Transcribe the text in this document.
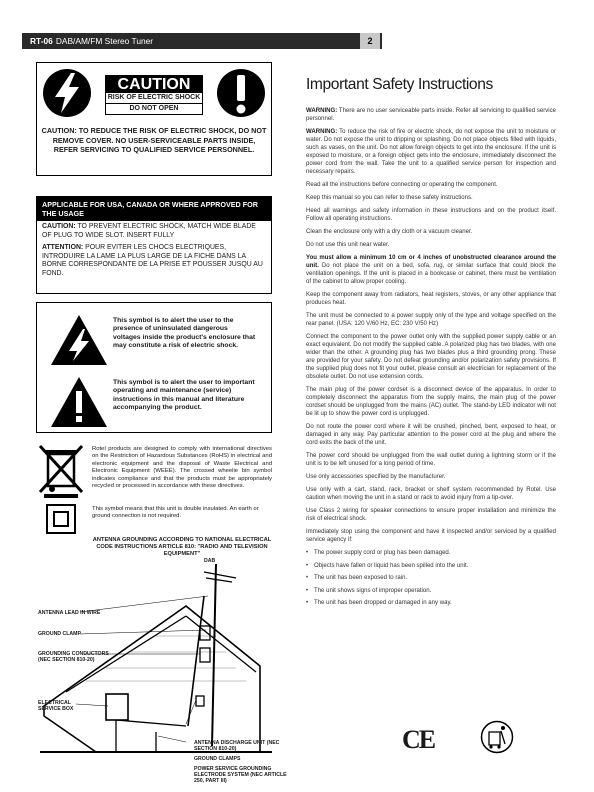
RT-06 DAB/AM/FM Stereo Tuner	2
CAUTION
RISK OF ELECTRIC SHOCK
DO NOT OPEN
CAUTION: TO REDUCE THE RISK OF ELECTRIC SHOCK, DO NOT REMOVE COVER. NO USER-SERVICEABLE PARTS INSIDE, REFER SERVICING TO QUALIFIED SERVICE PERSONNEL.
APPLICABLE FOR USA, CANADA OR WHERE APPROVED FOR THE USAGE

CAUTION: TO PREVENT ELECTRIC SHOCK, MATCH WIDE BLADE OF PLUG TO WIDE SLOT. INSERT FULLY

ATTENTION: POUR EVITER LES CHOCS ELECTRIQUES, INTRODUIRE LA LAME LA PLUS LARGE DE LA FICHE DANS LA BORNE CORRESPONDANTE DE LA PRISE ET POUSSER JUSQU AU FOND.

This symbol is to alert the user to the presence of uninsulated dangerous voltages inside the product's enclosure that may constitute a risk of electric shock.
This symbol is to alert the user to important operating and maintenance (service) instructions in this manual and literature accompanying the product.
Rotel products are designed to comply with international directives on the Restriction of Hazardous Substances (RoHS) in electrical and electronic equipment and the disposal of Waste Electrical and Electronic Equipment (WEEE). The crossed wheelie bin symbol indicates compliance and that the products must be appropriately recycled or processed in accordance with these directives.
This symbol means that this unit is double insulated. An earth or ground connection is not required.
ANTENNA GROUNDING ACCORDING TO NATIONAL ELECTRICAL CODE INSTRUCTIONS ARTICLE 810: "RADIO AND TELEVISION EQUIPMENT"
DAB
ANTENNA LEAD IN WIRE
GROUND CLAMP
GROUNDING CONDUCTORS (NEC SECTION 810-20)
ELECTRICAL SERVICE BOX
ANTENNA DISCHARGE UNIT (NEC SECTION 810-20)
GROUND CLAMPS
POWER SERVICE GROUNDING ELECTRODE SYSTEM (NEC ARTICLE 250, PART III)
Important Safety Instructions

WARNING: There are no user serviceable parts inside. Refer all servicing to qualified service personnel.

WARNING: To reduce the risk of fire or electric shock, do not expose the unit to moisture or water. Do not expose the unit to dripping or splashing. Do not place objects filled with liquids, such as vases, on the unit. Do not allow foreign objects to get into the enclosure. If the unit is exposed to moisture, or a foreign object gets into the enclosure, immediately disconnect the power cord from the wall. Take the unit to a qualified service person for inspection and necessary repairs.

Read all the instructions before connecting or operating the component.

Keep this manual so you can refer to these safety instructions.

Heed all warnings and safety information in these instructions and on the product itself. Follow all operating instructions.

Clean the enclosure only with a dry cloth or a vacuum cleaner.

Do not use this unit near water.

You must allow a minimum 10 cm or 4 inches of unobstructed clearance around the unit. Do not place the unit on a bed, sofa, rug, or similar surface that could block the ventilation openings. If the unit is placed in a bookcase or cabinet, there must be ventilation of the cabinet to allow proper cooling.

Keep the component away from radiators, heat registers, stoves, or any other appliance that produces heat.

The unit must be connected to a power supply only of the type and voltage specified on the rear panel. (USA: 120 V/60 Hz, EC: 230 V/50 Hz)

Connect the component to the power outlet only with the supplied power supply cable or an exact equivalent. Do not modify the supplied cable. A polarized plug has two blades, with one wider than the other. A grounding plug has two blades plus a third grounding prong. These are provided for your safety. Do not defeat grounding and/or polarization safety provisions. If the supplied plug does not fit your outlet, please consult an electrician for replacement of the obsolete outlet. Do not use extension cords.

The main plug of the power cordset is a disconnect device of the apparatus. In order to completely disconnect the apparatus from the supply mains, the main plug of the power cordset should be unplugged from the mains (AC) outlet. The stand-by LED indicator will not be lit up to show the power cord is unplugged.

Do not route the power cord where it will be crushed, pinched, bent, exposed to heat, or damaged in any way. Pay particular attention to the power cord at the plug and where the cord exits the back of the unit.

The power cord should be unplugged from the wall outlet during a lightning storm or if the unit is to be left unused for a long period of time.

Use only accessories specified by the manufacturer.

Use only with a cart, stand, rack, bracket or shelf system recommended by Rotel. Use caution when moving the unit in a stand or rack to avoid injury from a tip-over.

Use Class 2 wiring for speaker connections to ensure proper installation and minimize the risk of electrical shock.

Immediately stop using the component and have it inspected and/or serviced by a qualified service agency if:

• The power supply cord or plug has been damaged.
• Objects have fallen or liquid has been spilled into the unit.
• The unit has been exposed to rain.
• The unit shows signs of improper operation.
• The unit has been dropped or damaged in any way.
CE
